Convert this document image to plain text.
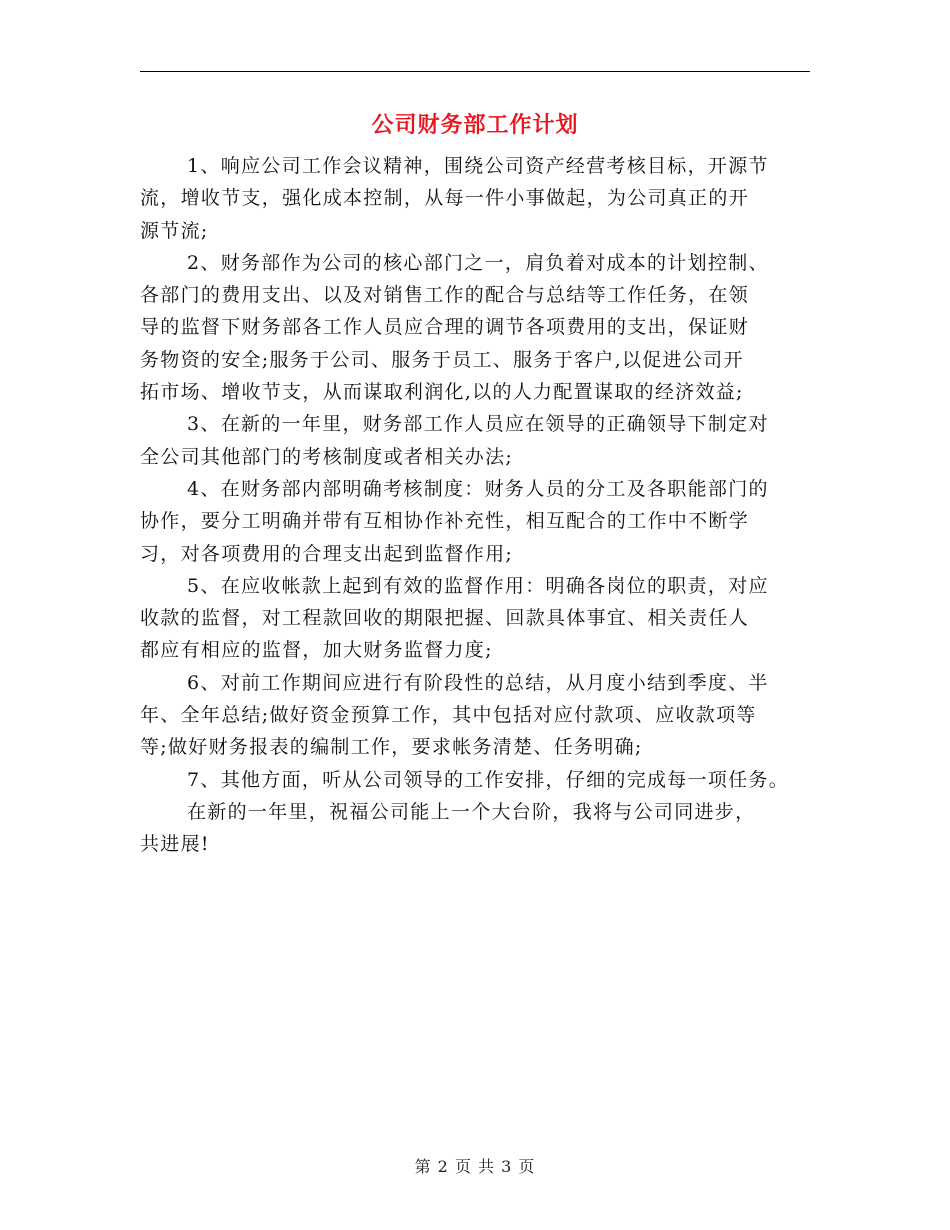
公司财务部工作计划

1、响应公司工作会议精神，围绕公司资产经营考核目标，开源节
流，增收节支，强化成本控制，从每一件小事做起，为公司真正的开
源节流;

2、财务部作为公司的核心部门之一，肩负着对成本的计划控制、
各部门的费用支出、以及对销售工作的配合与总结等工作任务，在领
导的监督下财务部各工作人员应合理的调节各项费用的支出，保证财
务物资的安全;服务于公司、服务于员工、服务于客户,以促进公司开
拓市场、增收节支，从而谋取利润化,以的人力配置谋取的经济效益;

3、在新的一年里，财务部工作人员应在领导的正确领导下制定对
全公司其他部门的考核制度或者相关办法;

4、在财务部内部明确考核制度：财务人员的分工及各职能部门的
协作，要分工明确并带有互相协作补充性，相互配合的工作中不断学
习，对各项费用的合理支出起到监督作用;

5、在应收帐款上起到有效的监督作用：明确各岗位的职责，对应
收款的监督，对工程款回收的期限把握、回款具体事宜、相关责任人
都应有相应的监督，加大财务监督力度;

6、对前工作期间应进行有阶段性的总结，从月度小结到季度、半
年、全年总结;做好资金预算工作，其中包括对应付款项、应收款项等
等;做好财务报表的编制工作，要求帐务清楚、任务明确;

7、其他方面，听从公司领导的工作安排，仔细的完成每一项任务。

在新的一年里，祝福公司能上一个大台阶，我将与公司同进步，
共进展!

第 2 页 共 3 页
